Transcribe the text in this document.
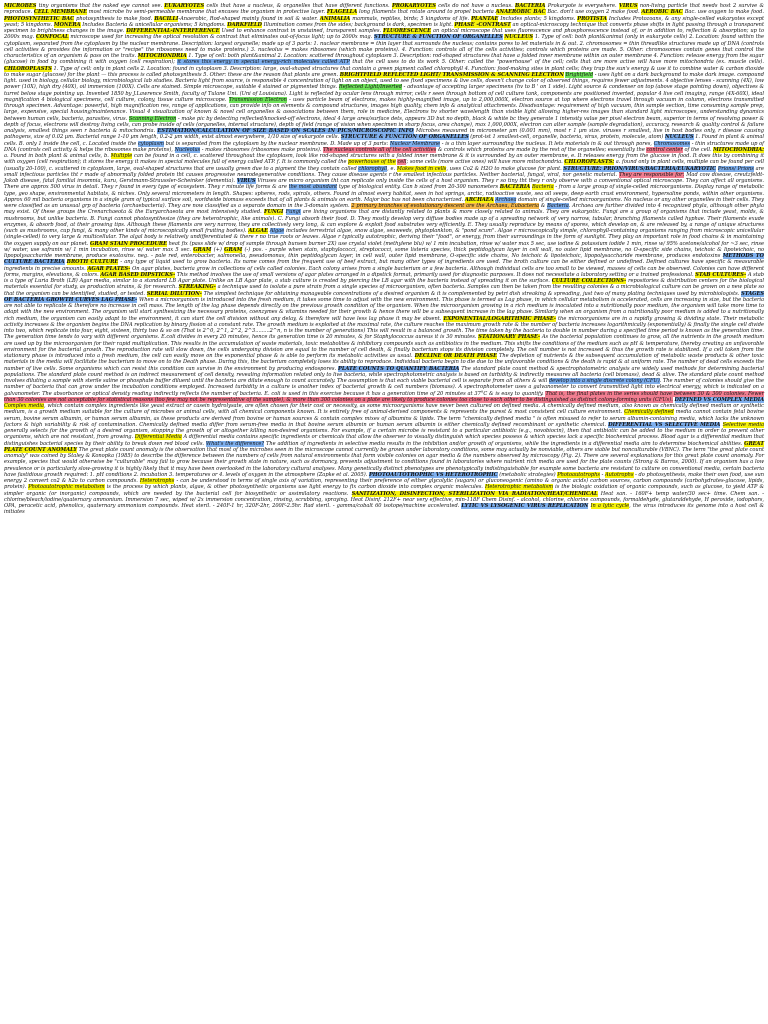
MICROBES tiny organisms that the naked eye cannot see. EUKARYOTES cells that have a nucleus, & organelles that have different functions. PROKARYOTES cells do not have a nucleus. BACTERIA Prokaryote is everywhere. VIRUS non-living particle that needs host 2 survive & reproduce. CELL MEMBRANE most microbe hv semi-permeable membrane that encases the organism in protective layer. FLAGELLA long filaments that rotate around to propel bacteria ANAEROBIC BAC Bac. don't use oxygen 2 make food. AEROBIC BAC Bac. use oxygen to make food. PHOTOSYNTHETIC BAC photosynthesis to make food. BACILLI-Anaerobic, Rod-shaped mainly found in soil & water. ANIMALIA mammals, reptiles, birds; 5 kingdoms of life. PLANTAE Includes plants; 5 kingdoms. PROTISTA Includes Protozoans, & any single-celled eukaryotes except yeast; 5 kingdoms. MONERA Includes Bacteria & unicellular organisms; 5 kingdoms. DARKFIELD Illumination comes from the sides; background is dark, specimen is light. PHASE -CONTRAST an optical-microscopy technique that converts phase shifts in light passing through a transparent specimen to brightness changes in the image. DIFFERENTIAL-INTERFERENCE Used to enhance contrast in unstained, transparent samples. FLUORESCENCE an optical microscope that uses fluorescence and phosphorescence instead of, or in addition to, reflection & absorption; up to 2000x mag. CONFOCAL microscope used for increasing the optical resolution & contrast that eliminates out-of-focus light; up to 2000x mag. STRUCTURE & FUNCTION OF ORGANELLES NUCLEUS 1. Type of cell: both plant&animal (only in eukaryote cells) 2. Location: found within the cytoplasm, separated from the cytoplasm by the nuclear membrane. Description: largest organelle; made up of 3 parts: 1. nuclear membrane = thin layer that surrounds the nucleus; contains pores to let materials in & out. 2. chromosomes = thin threadlike structures made up of DNA (controls cell activities & provides the information or "recipe" the ribosomes need to make proteins.) 3. nucleolus = makes ribosomes (which make proteins). 4. Function: controls all of the cells activities; controls which proteins are made. 5. Other: chromosomes contain genes that control the characteristics of an organism & pass on the traits. MITOCHONDRIA 1. Type of cell: both plant&animal 2. Location: scattered throughout cytoplasm 3. Description: rod-shaped structures that have a folded inner membrane within an outer membrane 4. Function: release energy from the sugar (glucose) in food by combining it with oxygen (cell respiration); it stores this energy in special energy-rich molecules called ATP that the cell uses to do its work 5. Other: called the "powerhouse" of the cell; cells that are more active will have more mitochondria (ex. muscle cells). CHLOROPLASTS 1. Type of cell: only in plant cells 2. Location: found in cytoplasm 3. Description: large, oval-shaped structures that contain a green pigment called chlorophyll 4. Function: food-making sites in plant cells; they trap the sun's energy & use it to combine water & carbon dioxide to make sugar (glucose) for the plant — this process is called photosynthesis 5. Other: these are the reason that plants are green. BRIGHTFIELD REFLECTED LIGHT/ TRANSMISSION & SCANNING ELECTRON Brightfield - uses light on a dark background to make dark image. compound light. used in biology, cellular biology, microbiological lab studies. Bacteria light from source, is responsible 4 concentration of light on an object, used to see fixed specimens & live cells, doesn't change color of observed things, requires fewer adjustments. 4 objective lenses - scanning (4X), low power (10X), high dry (40X), oil immersion (100X). Cells are stained. Simple microscope, suitable 4 stained or pigmented things. Reflected Light/Inverted - advantage of accepting larger specimens (hv to B ' on 1 side). Light source & condenser on top (above stage pointing down), objectives & turret below stage pointing up. Invented 1850 by J.Lawrence Smith, faculty of Tulane Uni. (Uni of Louisiana). Light is reflected by ocular lens through mirror, cells r seen through bottom of cell culture tank, components are positioned inverted, popular 4 live cell imaging, range (4X-60X), ideal magnification 4 biological specimens, cell culture, colony, tissue culture microscope. Transmission Electron - uses particle beam of electrons, makes highly-magnified image, up to 2,000,000X, electron source at top where electrons travel through vacuum in column, electrons transmitted through specimen. Advantage: powerful, high magnification res, range of applications, can provide info on elements & compound structures, images high quality, chem info & analytical attachments. Disadvantage: requirement of high vacuum, thin sample section, time consuming sample prep, large, expensive, special housing/maintenance. Visual 4 visualization of known & novel cell organelles & associations between them, role in medicine, Electrons hv shorter wavelength than visible light allowing higher-res images than standard light microscopes, understanding dynamics between human cells, bacteria, parasites, virus. Scanning Electron - make pic by detecting reflected/knocked-off electrons, ideal 4 large area/surface dets, appears 3D but no depth, black & white bc they generate 1 intensity value per pixel electron beam, superior in terms of resolving power & depth of focus, electrons will destroy living cells, can probe inside of cells (organelles, internal structure), depth of field (range of vision when specimen in sharp focus, area change), max 1,000,000X, electron can alter sample (sample degradation), accuracy, research & quality control & failure analysis, smallest things seen r bacteria & mitochondria. ESTIMATION/CALCULATION OF SIZE BASED ON SCALES IN PICS/MICROSCOPIC INFO Microbes measured in micrometer µm (0.001 mm), most r 1 µm size. viruses r smallest, live in host bodies only, r disease causing pathogens, size of 0.02 µm. Bacterial range 1-10 µm length, 0.2-2 µm width, exist almost everywhere, 1/10 size of eukaryote cells. STRUCTURE & FUNCTION OF ORGANELLES (prot-ist 1 smallest-cell, organelle, bacteria, virus, protein, molecule, atom) NUCLEUS 1. Found in plant & animal cells. B. only 1 inside the cell, c. Located inside the cytoplasm but is separated from the cytoplasm by the nuclear membrane. D. Made up of 3 parts: Nuclear Membrane - is a thin layer surrounding the nucleus. It lets materials in & out through pores, Chromosomes - thin structures made up of DNA (controls cell activity & helps the ribosomes make proteins), Nucleolus - makes ribosomes (ribosomes make proteins). The nucleus controls all of the cell activities & controls which proteins are made by the rest of the organelles; essentially the control center of the cell. MITOCHONDRIA: a. Found in both plant & animal cells, b. Multiple can be found in a cell, c. scattered throughout the cytoplasm, look like rod-shaped structures with a folded inner membrane & it is surrounded by an outer membrane, e. It releases energy from the glucose in food. It does this by combining it with oxygen (cell respiration); it stores the energy it makes in special molecules full of energy called ATP. f. It is commonly called the powerhouse of the cell; some cells (more active ones) will have more mitochondria. CHLOROPLASTS: a. found only in plant cells, multiple can be found per cell (usually 20-100), c. scattered in cytoplasm, large, oval-shaped structures that are usually green due to a pigment the they contain called chlorophyll, e. Makes food in cells, uses Co2 & H2O to make glucose for plant. STRUCTURE: PRION/VIRUS/BACTERIA/EUKARYOTIC Prions/ Prions are small infectious particles tht r made of abnormally folded protein tht causes progressive neurodegenerative conditions. They cause disease agents r the smallest infectious particles. Neither bacterial, fungal, viral, nor genetic material. They are responsible for: Mad cow disease, creutzfeldt- Jakob disease, fatal familial insomnia, kuru, Gerstmann-Straussler-Scheinker (dementia). VIRUS Viruses are micro organism tht can replicate only inside the cells of a host organism. They r so tiny tht they r only observe with a conventional optical microscope. They can affect all organisms. There are approx 500 virus in detail. They r found in every type of ecosystem. They r minute life forms & are the most abundant type of biological entity. Can b sized from 20-300 nanometers BACTERIA Bacteria - from a large group of single-celled microorganisms. Display range of metabolic type, geo shape, environmental habitats, & niches. Only several micrometers in length. Shapes: spheres, rods, spirals, others. Found in almost every habitat, seen in hot springs, arctic, radioactive waste, sea oil seeps, deep earth crust environment, hypersaline ponds, within other organisms. Approx 60 mil bacteria organisms in a single gram of typical surface soil, worldwide biomass exceeds that of all plants & animals on earth. Major bac has not been characterized. ARCHAEA Archaea domain of single-celled microorganisms. No nucleus or any other organelles in their cells. They were classified as an unusual grp of bacteria (archaebacteria). They are now classified as a separate domain in the 3-domain system. 2 primary branches of evolutionary descent are the Archaea, Eubacteria & Bacteria. Archaea are further divided into 4 recognized phyla, although other phyla may exist. Of these groups the Crenarchaeota & the Euryarchaeota are most intensively studied. FUNGI Fungi are living organisms that are distantly related to plants & more closely related to animals. They are eukaryotic. Fungi are a group of organisms that include yeast, molds, & mushrooms, but unlike bacteria. B. Fungi cannot photosynthesize (they are heterotrophic, like animals). C. Fungi absorb their food. D. They mostly develop very diffuse bodies made up of a spreading network of very narrow, tubular, branching filaments called hyphae. Their filaments exude enzymes, & absorb food, at their growing tips. Although these filaments are very narrow, they are collectively very long, & can explore & exploit food substrates very efficiently. E. They usually reproduce by means of spores, which develop on, & are released by, a range of unique structures (such as mushrooms, cup fungi, & many other kinds of microscopically small fruiting bodies). ALGAE Algae includes terrestrial algae, snow algae, seaweeds, phytoplankton, & "pond scum". Algae r microscopically simple, chlorophyll-containing organisms ranging from microscopic unicellular (single-celled) to very large & multicellular. The algal body is relatively undifferentiated & there r no true roots or leaves. Algae r typically autotrophic, deriving their "food", or energy, from their surroundings in the form of sunlight. They play an important role in food chains & in maintaining the oxygen supply on our planet. GRAM STAIN PROCEDURE heat fix (pass slide w/ drop of sample through bunsen burner 2X) use crystal violet (methylene blu) w/ 1 min incubation, rinse w/ water max 5 sec, use iodine & potassium iodide 1 min, rinse w/ 95% acetone/alcohol for ~3 sec, rinse w/ water, use safranin w/ 1 min incubation, rinse w/ water max 5 sec. GRAM (+) GRAM (-) pos. - purple when stain, staphylococci, streptococci, some listeria species, thick peptidoglycan layer in cell wall, no outer lipid membrane, no O-specific side chains, teichoic & lipoteichoic, no lipopolysaccharide membrane, produce exotoxins. neg. - pale red, enterobacter, salmonella, pseudomonas, thin peptidoglycan layer, in cell wall, outer lipid membrane, O-specific side chains, No teichoic & lipoteichoic, lipopolysaccharide membrane, produces endotoxins METHODS TO CULTURE BACTERIA BROTH CULTURE - any type of liquid used to grow bacteria. Its name comes from the frequent use of beef extract, but many other types of ingredients are used. The broth culture can be either defined or undefined. Defined cultures have specific & measurable ingredients in precise amounts. AGAR PLATES- On agar plates, bacteria grow in collections of cells called colonies. Each colony arises from a single bacterium or a few bacteria. Although individual cells are too small to be viewed, masses of cells can be observed. Colonies can have different forms, margins, elevations, & colors. AGAR BASED DIPSTICKS- This method involves the use of small versions of agar plates arranged in a dipstick format, primarily used for diagnostic purposes. It does not necessitate a laboratory setting or a trained professional. STAB CULTURES- A stab is a type of Luria Broth (LB) Agar media, similar to a standard LB Agar plate. Unlike an LB Agar plate, a stab culture is created by piercing the LB agar with the bacteria instead of spreading it on the surface. CULTURE COLLECTIONS- repositories & distribution centers for the biological materials essential for study, as production strains, & for research. STREAKING- a technique used to isolate a pure strain from a single species of microorganism, often bacteria. Samples can then be taken from the resulting colonies & a microbiological culture can be grown on a new plate so that the organism can be identified, studied, or tested. SERIAL DILUTION- The simplest technique for obtaining manageable concentrations of a desired organism & it is complemented by petri dish streaking & spreading, just two of many plating techniques used by microbiologists. STAGES OF BACTERIA GROWTH CURVES LAG PHASE- When a microorganism is introduced into the fresh medium, it takes some time to adjust with the new environment. This phase is termed as Lag phase, in which cellular metabolism is accelerated, cells are increasing in size, but the bacteria are not able to replicate & therefore no increase in cell mass. The length of the lag phase depends directly on the previous growth condition of the organism. When the microorganism growing in a rich medium is inoculated into a nutritionally poor medium, the organism will take more time to adapt with the new environment. The organism will start synthesizing the necessary proteins, coenzymes & vitamins needed for their growth & hence there will be a subsequent increase in the lag phase. Similarly when an organism from a nutritionally poor medium is added to a nutritionally rich medium, the organism can easily adapt to the environment, it can start the cell division without any delay, & therefore will have less lag phase it may be absent. EXPONENTIAL/LOGARITHMIC PHASE- the microorganisms are in a rapidly growing & dividing state. Their metabolic activity increases & the organism begins the DNA replication by binary fission at a constant rate. The growth medium is exploited at the maximal rate, the culture reaches the maximum growth rate & the number of bacteria increases logarithmically (exponentially) & finally the single cell divide into two, which replicate into four, eight, sixteen, thirty two & so on (That is 2^0, 2^1, 2^2, 2^3.........2^n, n is the number of generations) This will result in a balanced growth. The time taken by the bacteria to double in number during a specified time period is known as the generation time. The generation time tends to vary with different organisms. E.coli divides in every 20 minutes, hence its generation time is 20 minutes, & for Staphylococcus aureus it is 30 minutes. STATIONARY PHASE- As the bacterial population continues to grow, all the nutrients in the growth medium are used up by the microorganism for their rapid multiplication. This results in the accumulation of waste materials, toxic metabolites & inhibitory compounds such as antibiotics in the medium. This shifts the conditions of the medium such as pH & temperature, thereby creating an unfavorable environment for the bacterial growth. The reproduction rate will slow down, the cells undergoing division are equal to the number of cell death, & finally bacterium stops its division completely. The cell number is not increased & thus the growth rate is stabilized. If a cell taken from the stationary phase is introduced into a fresh medium, the cell can easily move on the exponential phase & is able to perform its metabolic activities as usual. DECLINE OR DEATH PHASE The depletion of nutrients & the subsequent accumulation of metabolic waste products & other toxic materials in the media will facilitate the bacterium to move on to the Death phase. During this, the bacterium completely loses its ability to reproduce. Individual bacteria begin to die due to the unfavorable conditions & the death is rapid & at uniform rate. The number of dead cells exceeds the number of live cells. Some organisms which can resist this condition can survive in the environment by producing endospores. PLATE COUNTS TO QUANTIFY BACTERIA The standard plate count method & spectrophotometric analysis are widely used methods for determining bacterial populations. The standard plate count method is an indirect measurement of cell density, revealing information related only to live bacteria, while spectrophotometric analysis is based on turbidity & indirectly measures all bacteria (cell biomass), dead & alive. The standard plate count method involves diluting a sample with sterile saline or phosphate buffer diluent until the bacteria are dilute enough to count accurately. The assumption is that each viable bacterial cell is separate from all others & will develop into a single discrete colony (CFU). The number of colonies should give the number of bacteria that can grow under the incubation conditions employed. Increased turbidity in a culture is another index of bacterial growth & cell numbers (biomass). A spectrophotometer uses a galvanometer to convert transmitted light into electrical energy, which is indicated on a galvanometer. The absorbance or optical density reading indirectly reflects the number of bacteria. E. coli is used in this exercise because it has a generation time of 20 minutes at 37°C & is easy to quantify. That is, the final plates in the series should have between 30 & 300 colonies. Fewer than 30 colonies are not acceptable for statistical reasons (too few may not be representative of the sample), & more than 300 colonies on a plate are likely to produce colonies too close to each other to be distinguished as distinct colony-forming units (CFUs). DEFINED VS COMPLEX MEDIA Complex media, which contain complex ingredients like yeast extract or casein hydrolysate, are often chosen for their cost or necessity, as some microorganisms have never been cultured on defined media. A chemically defined medium, also known as chemically defined medium or synthetic medium, is a growth medium suitable for the culture of microbes or animal cells, with all chemical components known. It is entirely free of animal-derived components & represents the purest & most consistent cell culture environment. Chemically defined media cannot contain fetal bovine serum, bovine serum albumin, or human serum albumin, as these products are derived from bovine or human sources & contain complex mixes of albumins & lipids. The term "chemically defined media " is often misused to refer to serum albumin-containing media, which lacks the unknown factors & high variability & risk of contamination. Chemically defined media differ from serum-free media in that bovine serum albumin or human serum albumin is either chemically defined recombinant or synthetic chemical. DIFFERENTIAL VS SELECTIVE MEDIA Selective media generally selects for the growth of a desired organism, stopping the growth of or altogether killing non-desired organisms. For example, if a certain microbe is resistant to a particular antibiotic (e.g., novobiocin), then that antibiotic can be added to the medium in order to prevent other organisms, which are not resistant, from growing. Differential Media A differential media contains specific ingredients or chemicals that allow the observer to visually distinguish which species possess & which species lack a specific biochemical process. Blood agar is a differential medium that distinguishes bacterial species by their ability to break down red blood cells. What's the difference? The addition of ingredients in selective media results in the inhibition and/or growth of organisms, while the ingredients in a differential media aim to determine biochemical abilities. GREAT PLATE COUNT ANOMALY The great plate count anomaly is the observation that most of the microbes seen in the microscope cannot currently be grown under laboratory conditions, some may actually be nonviable, others are viable but nonculturable (VBNC). The term "the great plate count anomaly" was coined by Staley & Konopka (1985) to describe the difference between the numbers of cells from natural environments that form visible colonies on agar media & the numbers observed by microscopy (Fig. 2). There are several explanations for this great plate count anomaly. For example, species that would otherwise be "culturable" may fail to grow because their growth state in nature, such as dormancy, prevents adjustment to conditions found in laboratories where nutrient rich media are used for the plate counts (Strong & Barros, 2000). If an organism has a low prevalence or is particularly slow-growing it is highly likely that it may have been overlooked in the laboratory cultural analyses. Many genetically distinct phenotypes are phenotypically indistinguishable for example some bacteria are resistant to culture on conventional media, certain bacteria have fastidious growth required: 1. pH conditions 2. incubation 3. temperatures or 4. levels of oxygen in the atmosphere (Zapke et al. 2005). PHOTOAUTOTROPHIC VS HETEROTROPHIC (metabolic strategies) Photoautotrophs - Autotrophs - do photosynthesis, make their own food, use sun energy 2 convert co2 & h2o to carbon compounds. Heterotrophs - can be understood in terms of single axis of variation, representing their preference of either glycolytic (sugars) or gluconeogenic (amino & organic acids) carbon sources, carbon compounds (carbohydrates-glucose, lipids, protein). Photoautotrophic metabolism is the process by which plants, algae, & other photosynthetic organisms use light energy to fix carbon dioxide into complex organic molecules. Heterotrophic metabolism is the biologic oxidation of organic compounds, such as glucose, to yield ATP & simpler organic (or inorganic) compounds, which are needed by the bacterial cell for biosynthetic or assimilatory reactions. SANITIZATION, DISINFECTION, STERILIZATION VIA RADIATION/HEAT/CHEMICAL Heat san. - 160F+ temp water/30 sec+ time. Chem san. - chlorine/bleach/iodine/quaternary ammonium. Immersion 7 sec, wiped w/ 2x immersion concentration, rinsing, scrubbing, spraying. Heat Disinf. 212F+ near very effective, min-118F Chem Disinf. - alcohol, chlorine, chlorine compounds, formaldehyde, glutaraldehyde, H peroxide, iodophors, OPA, peracetic acid, phenolics, quaternary ammonium compounds. Heat steril. - 240F-1 hr, 320F-2hr, 200F-2.5hr. Rad steril. - gamma/cobalt 60 isotope/machine accelerated. LYTIC VS LYSOGENIC VIRUS REPLICATION In a lytic cycle, the virus introduces its genome into a host cell & initiates
